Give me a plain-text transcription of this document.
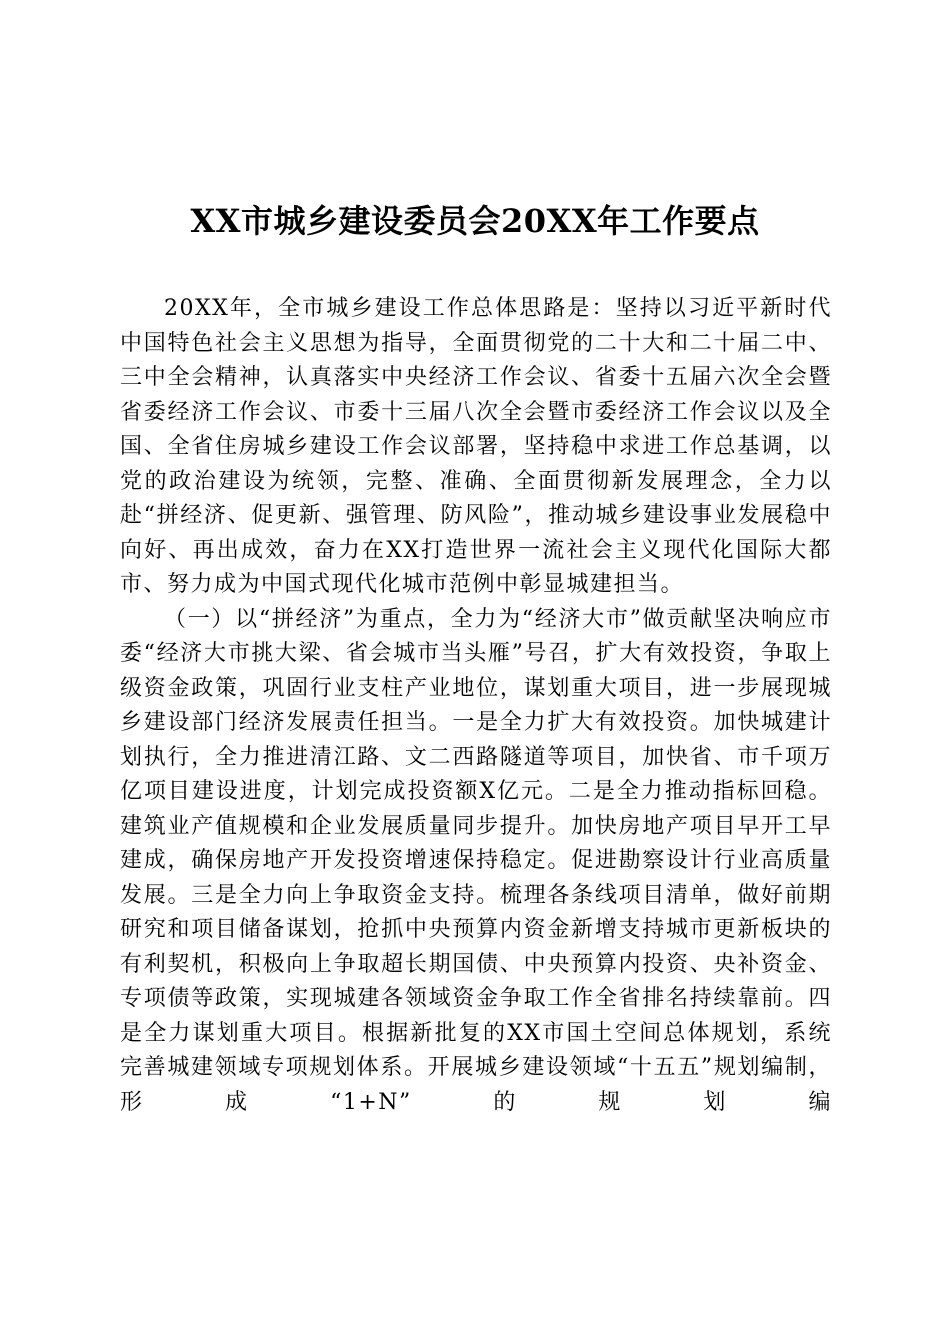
XX市城乡建设委员会20XX年工作要点

20XX年，全市城乡建设工作总体思路是：坚持以习近平新时代中国特色社会主义思想为指导，全面贯彻党的二十大和二十届二中、三中全会精神，认真落实中央经济工作会议、省委十五届六次全会暨省委经济工作会议、市委十三届八次全会暨市委经济工作会议以及全国、全省住房城乡建设工作会议部署，坚持稳中求进工作总基调，以党的政治建设为统领，完整、准确、全面贯彻新发展理念，全力以赴“拼经济、促更新、强管理、防风险”，推动城乡建设事业发展稳中向好、再出成效，奋力在XX打造世界一流社会主义现代化国际大都市、努力成为中国式现代化城市范例中彰显城建担当。

（一）以“拼经济”为重点，全力为“经济大市”做贡献坚决响应市委“经济大市挑大梁、省会城市当头雁”号召，扩大有效投资，争取上级资金政策，巩固行业支柱产业地位，谋划重大项目，进一步展现城乡建设部门经济发展责任担当。一是全力扩大有效投资。加快城建计划执行，全力推进清江路、文二西路隧道等项目，加快省、市千项万亿项目建设进度，计划完成投资额X亿元。二是全力推动指标回稳。建筑业产值规模和企业发展质量同步提升。加快房地产项目早开工早建成，确保房地产开发投资增速保持稳定。促进勘察设计行业高质量发展。三是全力向上争取资金支持。梳理各条线项目清单，做好前期研究和项目储备谋划，抢抓中央预算内资金新增支持城市更新板块的有利契机，积极向上争取超长期国债、中央预算内投资、央补资金、专项债等政策，实现城建各领域资金争取工作全省排名持续靠前。四是全力谋划重大项目。根据新批复的XX市国土空间总体规划，系统完善城建领域专项规划体系。开展城乡建设领域“十五五”规划编制，形成“1+N”的规划编
